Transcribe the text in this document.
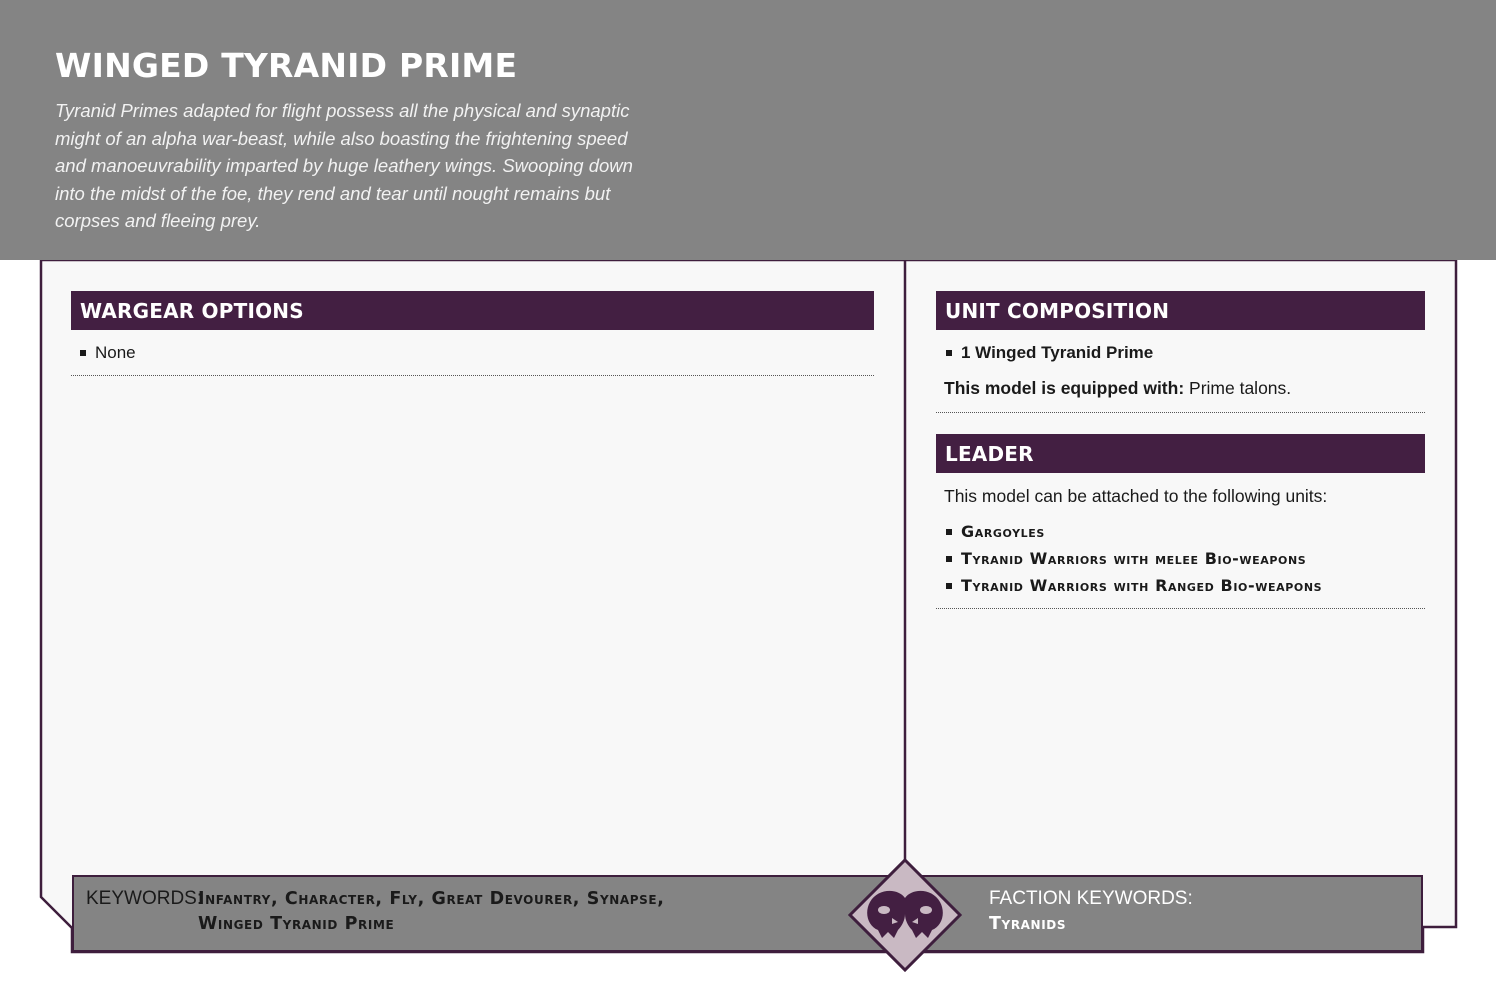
WINGED TYRANID PRIME

Tyranid Primes adapted for flight possess all the physical and synaptic might of an alpha war-beast, while also boasting the frightening speed and manoeuvrability imparted by huge leathery wings. Swooping down into the midst of the foe, they rend and tear until nought remains but corpses and fleeing prey.

WARGEAR OPTIONS
None
UNIT COMPOSITION
1 Winged Tyranid Prime
This model is equipped with: Prime talons.
LEADER
This model can be attached to the following units:
Gargoyles
Tyranid Warriors with melee Bio-weapons
Tyranid Warriors with Ranged Bio-weapons
KEYWORDS:
Infantry, Character, Fly, Great Devourer, Synapse,
Winged Tyranid Prime
FACTION KEYWORDS:
Tyranids
